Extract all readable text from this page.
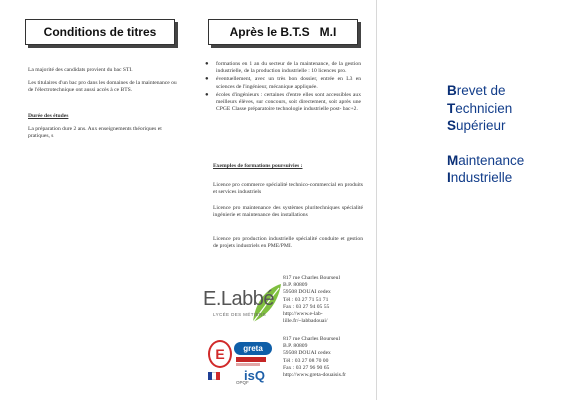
Conditions de titres
La majorité des candidats provient du bac STI.
Les titulaires d'un bac pro dans les domaines de la maintenance ou de l'électrotechnique ont aussi accès à ce BTS.
Durée des études
La préparation dure 2 ans. Aux enseignements théoriques et pratiques, s
Après le B.T.S   M.I
● formations en 1 an du secteur de la maintenance, de la gestion industrielle, de la production industrielle : 10 licences pro.
● éventuellement, avec un très bon dossier, entrée en L3 en sciences de l'ingénieur, mécanique appliquée.
● écoles d'ingénieurs : certaines d'entre elles sont accessibles aux meilleurs élèves, sur concours, soit directement, soit après une CPGE Classe préparatoire technologie industrielle post- bac+2.
Exemples de formations poursuivies :
Licence pro commerce spécialité technico-commercial en produits et services industriels
Licence pro maintenance des systèmes pluritechniques spécialité ingénierie et maintenance des installations
Licence pro production industrielle spécialité conduite et gestion de projets industriels en PME/PMI.
E.Labbé
LYCÉE DES MÉTIERS
817 rue Charles Bourseul
B.P. 80809
59508 DOUAI cedex
Tél : 03 27 71 51 71
Fax : 03 27 94 05 55
http://www.e-lab-lille.fr/~labbadouai/
E	greta
isQ
OPQF
817 rue Charles Bourseul
B.P. 80809
59508 DOUAI cedex
Tél : 03 27 08 70 00
Fax : 03 27 96 90 65
http://www.greta-douaisis.fr
Brevet de
Technicien
Supérieur
Maintenance
Industrielle
